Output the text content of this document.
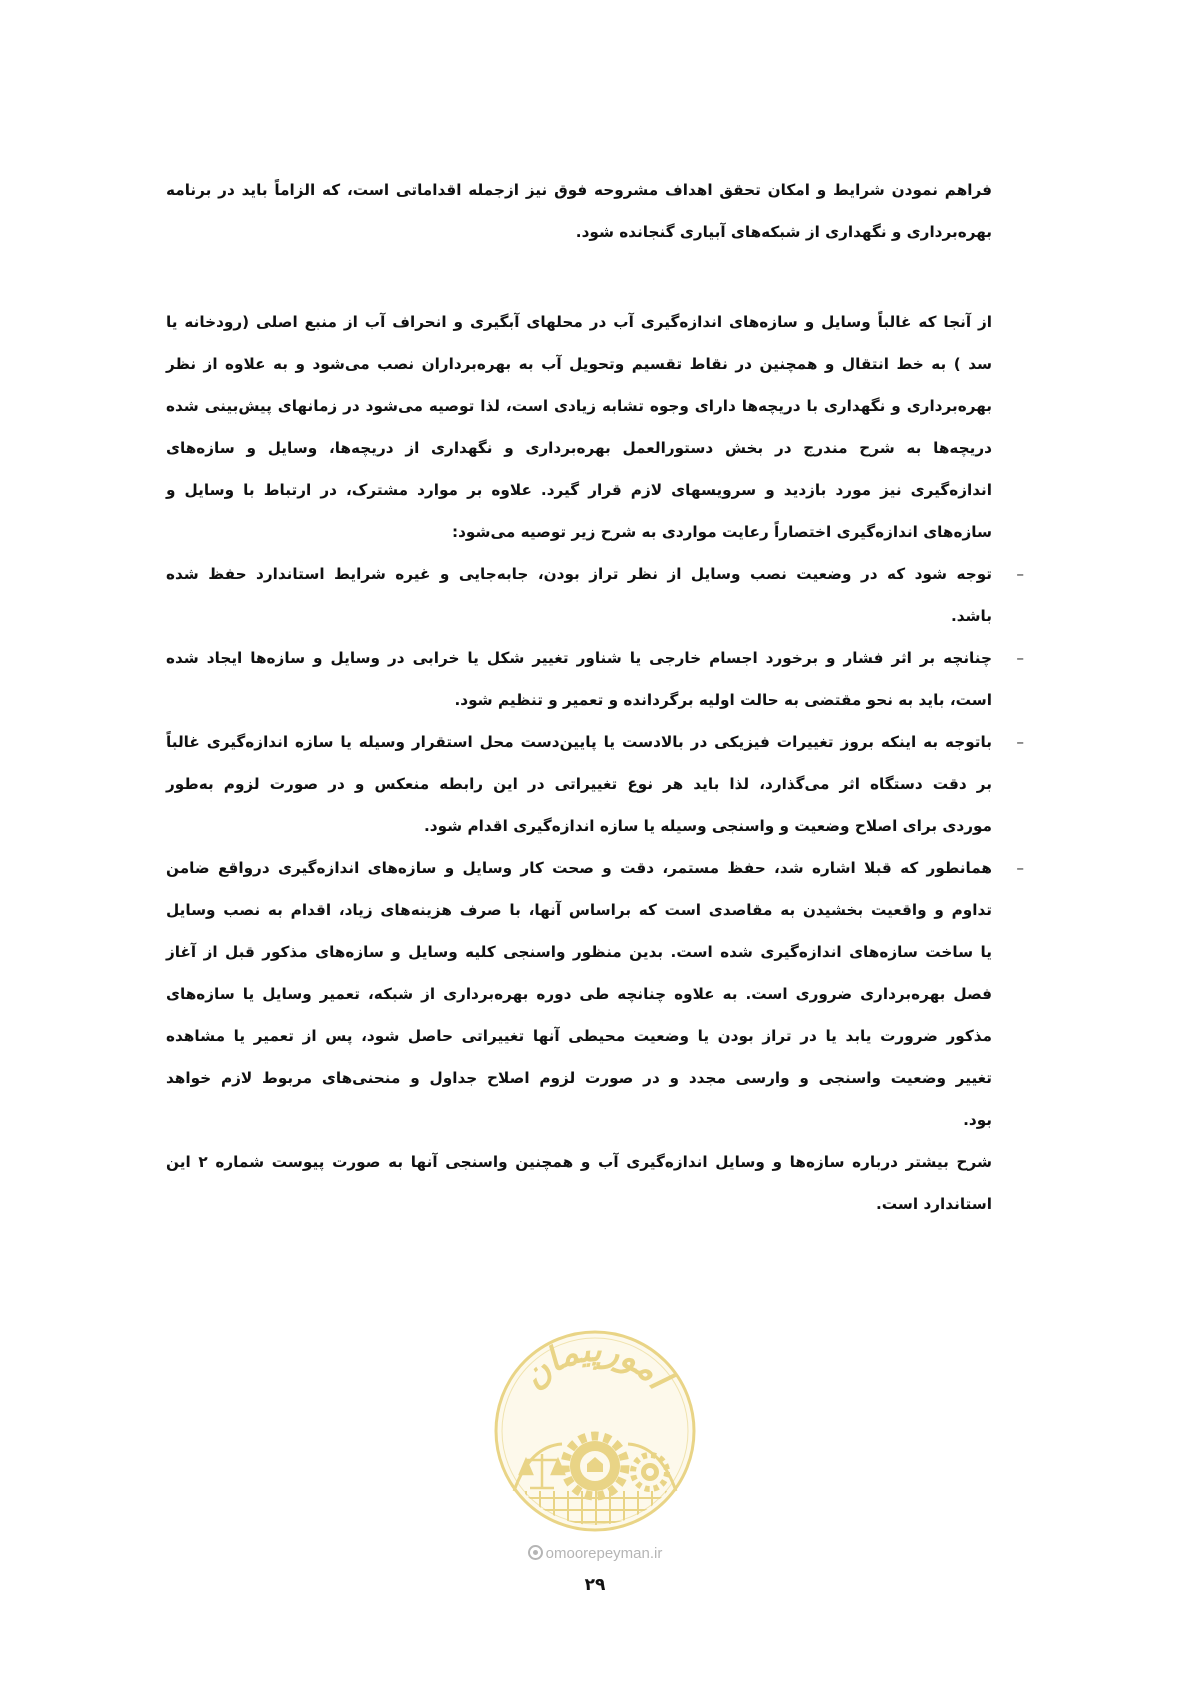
فراهم نمودن شرایط و امکان تحقق اهداف مشروحه فوق نیز ازجمله اقداماتی است، که الزاماً باید در برنامه
بهره‌برداری و نگهداری از شبکه‌های آبیاری گنجانده شود.
از آنجا که غالباً وسایل و سازه‌های اندازه‌گیری آب در محلهای آبگیری و انحراف آب از منبع اصلی (رودخانه یا
سد ) به خط انتقال و همچنین در نقاط تقسیم وتحویل آب به بهره‌برداران نصب می‌شود و به علاوه از نظر
بهره‌برداری و نگهداری با دریچه‌ها دارای وجوه تشابه زیادی است، لذا توصیه می‌شود در زمانهای پیش‌بینی شده
دریچه‌ها به شرح مندرج در بخش دستورالعمل بهره‌برداری و نگهداری از دریچه‌ها، وسایل و سازه‌های
اندازه‌گیری نیز مورد بازدید و سرویسهای لازم قرار گیرد. علاوه بر موارد مشترک، در ارتباط با وسایل و
سازه‌های اندازه‌گیری اختصاراً رعایت مواردی به شرح زیر توصیه می‌شود:
–
توجه شود که در وضعیت نصب وسایل از نظر تراز بودن، جابه‌جایی و غیره شرایط استاندارد حفظ شده
باشد.
–
چنانچه بر اثر فشار و برخورد اجسام خارجی یا شناور تغییر شکل یا خرابی در وسایل و سازه‌ها ایجاد شده
است، باید به نحو مقتضی به حالت اولیه برگردانده و تعمیر و تنظیم شود.
–
باتوجه به اینکه بروز تغییرات فیزیکی در بالادست یا پایین‌دست محل استقرار وسیله یا سازه اندازه‌گیری غالباً
بر دقت دستگاه اثر می‌گذارد، لذا باید هر نوع تغییراتی در این رابطه منعکس و در صورت لزوم به‌طور
موردی برای اصلاح وضعیت و واسنجی وسیله یا سازه اندازه‌گیری اقدام شود.
–
همانطور که قبلا اشاره شد، حفظ مستمر، دقت و صحت کار وسایل و سازه‌های اندازه‌گیری درواقع ضامن
تداوم و واقعیت بخشیدن به مقاصدی است که براساس آنها، با صرف هزینه‌های زیاد، اقدام به نصب وسایل
یا ساخت سازه‌های اندازه‌گیری شده است. بدین منظور واسنجی کلیه وسایل و سازه‌های مذکور قبل از آغاز
فصل بهره‌برداری ضروری است. به علاوه چنانچه طی دوره بهره‌برداری از شبکه، تعمیر وسایل یا سازه‌های
مذکور ضرورت یابد یا در تراز بودن یا وضعیت محیطی آنها تغییراتی حاصل شود، پس از تعمیر یا مشاهده
تغییر وضعیت واسنجی و وارسی مجدد و در صورت لزوم اصلاح جداول و منحنی‌های مربوط لازم خواهد
بود.
شرح بیشتر درباره سازه‌ها و وسایل اندازه‌گیری آب و همچنین واسنجی آنها به صورت پیوست شماره ۲ این
استاندارد است.
امورپیمان
omoorepeyman.ir
۲۹
